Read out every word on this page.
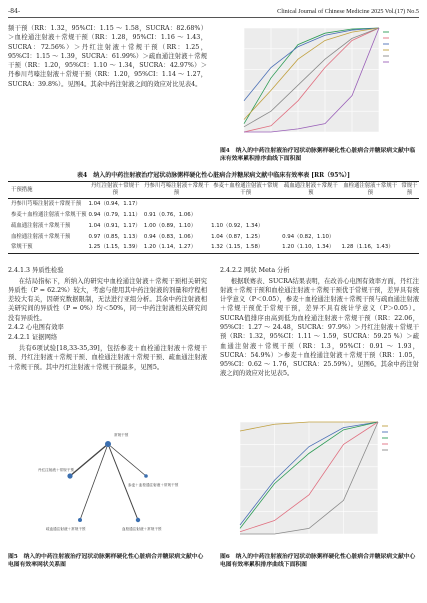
-84-	Clinical Journal of Chinese Medicine 2025 Vol.(17) No.5

频干预（RR：1.32，95%CI：1.15 ～ 1.58，SUCRA：82.68%）＞血栓通注射液＋常规干预（RR：1.28，95%CI：1.16 ～ 1.43，SUCRA：72.56%）＞丹红注射液＋常规干预（RR：1.25，95%CI：1.15 ～ 1.39，SUCRA：61.99%）＞疏血通注射液＋常规干预（RR：1.20，95%CI：1.10 ～ 1.34，SUCRA：42.97%）＞丹参川芎嗪注射液＋常规干预（RR：1.20，95%CI：1.14 ～ 1.27，SUCRA：39.8%）。见图4。其余中药注射液之间的效应对比见表4。

图4　纳入的中药注射液治疗冠状动脉粥样硬化性心脏病合并糖尿病文献中临床有效率累积排序曲线下面积图
表4　纳入的中药注射液治疗冠状动脉粥样硬化性心脏病合并糖尿病文献中临床有效率表 [RR（95%）]
干预措施	丹红注射液＋常规干预	丹参川芎嗪注射液＋常规干预	参麦＋血栓通注射液＋常规干预	疏血通注射液＋常规干预	血栓通注射液＋常规干预	常规干预
丹参川芎嗪注射液＋常规干预	1.04（0.94，1.17）					
参麦＋血栓通注射液＋常规干预	0.94（0.79，1.11）	0.91（0.76，1.06）				
疏血通注射液＋常规干预	1.04（0.91，1.17）	1.00（0.89，1.10）	1.10（0.92，1.34）			
血栓通注射液＋常规干预	0.97（0.85，1.13）	0.94（0.83，1.06）	1.04（0.87，1.25）	0.94（0.82，1.10）		
常规干预	1.25（1.15，1.39）	1.20（1.14，1.27）	1.32（1.15，1.58）	1.20（1.10，1.34）	1.28（1.16，1.43）	
2.4.1.3 异质性检验

在结局指标下，所纳入的研究中血栓通注射液＋常规干预相关研究异质性（P = 62.2%）较大，考虑与使用其中药注射液的剂量和疗程相差较大有关，因研究数据限制，无法进行亚组分析。其余中药注射液相关研究间的异质性（P = 0%）均＜50%，同一中药注射液相关研究间没有异质性。

2.4.2 心电图有效率
2.4.2.1 证据网络

共有6项试验[18,33-35,39]，包括参麦＋血栓通注射液＋常规干预、丹红注射液＋常规干预、血栓通注射液＋常规干预、疏血通注射液＋常规干预。其中丹红注射液＋常规干预最多，见图5。

常规干预
丹红注射液＋常规干预
参麦＋血栓通注射液＋常规干预
疏血通注射液＋常规干预	血栓通注射液＋常规干预
图5　纳入的中药注射液治疗冠状动脉粥样硬化性心脏病合并糖尿病文献中心电图有效率网状关系图
2.4.2.2 网状 Meta 分析

根据联赛表、SUCRA结果表明，在改善心电图有效率方面，丹红注射液＋常规干预和血栓通注射液＋常规干预优于常规干预，差异具有统计学意义（P＜0.05），参麦＋血栓通注射液＋常规干预与疏血通注射液＋常规干预优于常规干预，差异不具有统计学意义（P＞0.05）。SUCRA值排序由高到低为血栓通注射液＋常规干预（RR：22.06，95%CI：1.27 ～ 24.48，SUCRA：97.9%）＞丹红注射液＋常规干预（RR：1.32，95%CI：1.11 ～ 1.59，SUCRA：59.25 %）＞疏血通注射液＋常规干预（RR：1.3，95%CI：0.91 ～ 1.93，SUCRA：54.9%）＞参麦＋血栓通注射液＋常规干预（RR：1.05，95%CI：0.62 ～ 1.76，SUCRA：25.59%）。见图6。其余中药注射液之间的效应对比见表5。

图6　纳入的中药注射液治疗冠状动脉粥样硬化性心脏病合并糖尿病文献中心电图有效率累积排序曲线下面积图
